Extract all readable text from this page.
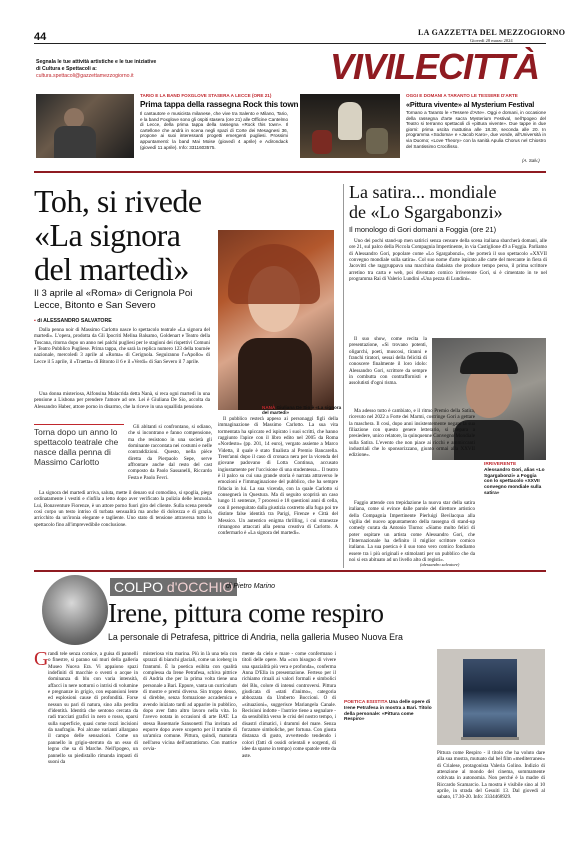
44	LA GAZZETTA DEL MEZZOGIORNO
Giovedì 28 marzo 2024
Segnala le tue attività artistiche e le tue iniziative
di Cultura e Spettacoli a:
cultura.spettacoli@gazzettamezzogiorno.it	VIVILECITTÀ
TARIO E LA BAND FOXGLOVE STASERA A LECCE (ORE 21)
Prima tappa della rassegna Rock this town
Il cantautore e musicista milanese, che vive tra Salento e Milano, Tario, e la band Foxglove sono gli ospiti stasera (ore 21) alle Officine Cantelmo di Lecce, della prima tappa della rassegna «Rock this town». Il cartellone che andrà in scena negli spazi di Corte dei Mesagnesi 36, propone ai suoi interessanti progetti emergenti pugliesi. Prossimi appuntamenti: la band Mai Moise (giovedì 4 aprile) e Adirondack (giovedì 11 aprile). Info: 3311603575.
OGGI E DOMANI A TARANTO LE TESSERE D'ARTE
«Pittura vivente» al Mysterium Festival
Tornano a Taranto le «Tessere d'Arte». Oggi e domani, in occasione della rassegna d'arte sacra Mysterium Festival, nell'Ipogeo del Teatro si terranno spettacoli di «pittura vivente». Due tappe in due giorni: prima uscita mattutina alle 18.30, seconda alle 20. In programma «Sodoma» e «Jacob Karo», due vonde, all'Università in via Duomo; «Love Theory» con la sanità Apulia Chorus nel Chiostro del Santissimo Crocifisso.
(A. Salv.)
Toh, si rivede
«La signora
del martedì»
Il 3 aprile al «Roma» di Cerignola Poi Lecce, Bitonto e San Severo
▪ di ALESSANDRO SALVATORE
NANÀ Giuliana De Sio è «La signora del martedì»

Dalla penna noir di Massimo Carlotto nasce lo spettacolo teatrale «La signora del martedì». L'opera, prodotta da Gli Ipocriti Melina Balsamo, Goldenart e Teatro della Toscana, ritorna dopo un anno nei palchi pugliesi per le stagioni dei rispettivi Comuni e Teatro Pubblico Pugliese. Prima tappa, che sarà la replica numero 123 della tournée nazionale, mercoledì 3 aprile al «Roma» di Cerignola. Seguiranno l'«Apollo» di Lecce il 5 aprile, il «Traetta» di Bitonto il 6 e il «Verdi» di San Severo il 7 aprile.

Una donna misteriosa, Alfonsina Malacrida detta Nanà, si reca ogni martedì in una pensione a Lisbona per prendere l'amore ad ore. Lei è Giuliana De Sio, accolta da Alessandro Haber, attore porno in disarmo, che la riceve in una squallida pensione.

Torna dopo un anno lo spettacolo teatrale che nasce dalla penna di Massimo Carlotto

Gli abitanti si confrontano, si odiano, che si incontrano e fanno compensione, ma che resistono in una società gli dominante raccontata nei costumi e nelle contraddizioni. Questo, nella pièce diretta da Pierpaolo Sepe, serve affrontare anche dal resto del cast composto da Paolo Sassanelli, Riccardo Festa e Paolo Fevri.

La signora del martedì arriva, saluta, mette il denaro sul comodino, si spoglia, piega ordinatamente i vestiti e s'infila a letto dopo aver verificato la pulizia delle lenzuola. Lui, Bonaventure Fiorenze, è un attore porno fuori giro del cliente. Sulla scena prende così corpo un testo intriso di turbata sensualità ma anche di dolcezza e di grazia, arricchito da un'ironia elegante e tagliente. Uno stato di tensione attraversa tutto lo spettacolo fino all'imprevedibile conclusione.

Il pubblico resterà appeso ai personaggi figli della immaginazione di Massimo Carlotto. La sua vita tormentata ha spiccato ed ispirato i suoi scritti, che hanno raggiunto l'apice con il libro edito nel 2005 da Roma «Nordesto» (pp. 201, 14 euro), vergato assieme a Marco Videtta, il quale è stato finalista al Premio Bancarella. Trent'anni dopo il caso di cronaca nera per la vicenda del giovane padovano di Lotta Continua, accusato ingiustamente per l'uccisione di una studentessa... Il teatro è il palco su cui una grande storia è narrata attraverso le emozioni e l'immaginazione del pubblico, che ha sempre fiducia in lui. La sua vicenda, con la quale Carlotto si consegnerà in Questura. Ma di seguito scoprirà un caso lungo 11 sentenze, 7 processi e 18 questioni anni di cella, con il perseguitato dalla giustizia costretto alla fuga poi tre distinte false identità tra Parigi, Firenze e Città del Messico. Un autentico enigma thrilling, i cui stranezze rimangono attaccati alla penna creativa di Carlotto. A confermarlo è «La signora del martedì».

La satira... mondiale
de «Lo Sgargabonzi»
Il monologo di Gori domani a Foggia (ore 21)

Uno dei pochi stand-up men satirici senza censure della scena italiana sbarcherà domani, alle ore 21, sul palco della Piccola Compagnia Impertinente, in via Castiglione 49 a Foggia. Parliamo di Alessandro Gori, popolare come «Lo Sgargabonzi», che porterà il suo spettacolo «XXVII convegno mondiale sulla satira». Col suo nome d'arte ispirato alle carte del mercante in fiera di Jacovitti che raggruppava una macchina dadaista che produce tempo perso, il prima scrittore arretino tra carta e web, poi diventato comico irriverente Gori, si è cimentato in te nel programma Rai di Valerio Lundini «Una pezza di Lundini».

Il suo show, come recita la presentazione, «Si trovano potenti, oligarchi, poeti, muscosi, tiranni e franchi tiratori, sessai della felicità di conoscere finalmente il loro idolo: Alessandro Gori, scrittore da sempre in combutta con contraffornisti e assolutisti d'ogni risma.

Ma adesso tutto è cambiato, e il ritmo Premio della Satira, ricevuto nel 2022 a Forte dei Marmi, costringe Gori a gettare la maschera. Il così, dopo anni insistentemente negato la sua filiazione con questo genere letterario, si prepara a presiedere, unico relatore, la quinquenne Convegno Mondiale sulla Satira. L'evento che non piace ai ricchi e ammiccanti industriali che lo sponsorizzano, giunto ormai alla XXVII edizione».

IRRIVERENTE
Alessandro Gori, alias «Lo Sgargabonzi» a Foggia con lo spettacolo «XXVII convegno mondiale sulla satira»

Faggio attende con trepidazione la nuova star della satira italiana, come si evince dalle parole del direttore artistico della Compagnia Impertinente Pierluigi Bevilacqua alla vigilia del nuovo appuntamento della rassegna di stand-up comedy curata da Antonio Tiurno: «Siamo molto felici di poter ospitare un artista come Alessandro Gori, che l'Internazionale ha definito il miglior scrittore comico italiano. La sua poetica è il suo tono vero comico fondiamo essere tra i più originali e stimolanti per un pubblico che da noi si era abituato ad un livello alto di registi».

(alessandro salvatore)
COLPO d'OCCHIO
di Pietro Marino
Irene, pittura come respiro
La personale di Petrafesa, pittrice di Andria, nella galleria Museo Nuova Era
G randi tele senza cornice, a guisa di pannelli o finestre, si parano sui muri della galleria Museo Nuova Era. Vi appaiono spazi indefiniti di macchie o sventi o acque in dominanza di blu con varia intensità, affacci in nere notturni o intrisi di volumine e pregnanze in grigio, con espansioni lente ed esplosioni cause di profondità. Forse nessun su pari di natura, sino alla perdita d'identità. Identità che sentono cercata da radi tracciati grafici in nero o rosso, sparsi sulla superficie, quasi come rozzi incisioni da naufragio. Poi alcune varianti allargano il campo delle sensazioni. Come un pannello in grigio-sterrato da un esso di legno che sa di Marche. Nell'ipogeo, un pannello su piedistallo rimanda impasti di suoni da

misteriosa vita marina. Più in là una tela con sprazzi di bianchi glaciali, come un iceberg in frantumi. È la poetica esibita con qualità complessa da Irene Petrafesa, schiva pittrice di Andria che per la prima volta tiene una personale a Bari. Eppure, vanta un curriculum di mostre e premi diverso. Sin troppo denso, si direbbe, senza formazione accademica e avendo iniziato tardi ad apparire in pubblico, dopo aver fatto altro lavoro nella vita. Io l'avevo notata in occasioni di arte BAT. La stessa Rosemarie Sansonetti l'ha invitata ad esporre dopo avere scoperto per il tramite di un'amica comune. Pittura, quindi, maturata nell'area vicina dell'astrattismo. Con matrice ovvia-

mente da cielo e mare - come confermano i titoli delle opere. Ma «con bisogno di vivere una spazialità più vera e profonda», conferma Anna D'Ella in presentazione. Ferteso per il richiamo rituali ai valori formali e simbolici del Blu, colore di intensi controversi. Pittura giudicata di «stati d'animo», categoria abbozzata da Umberto Boccioni. O di «situazioni», suggerisce Mariangela Canale. Recisioni indotte - l'autrice tiene a segnalare - da sensibilità verso le crisi del nostro tempo, i disastri climatici, i drammi del mare. Senza forzature simboliche, per fortuna. Con giusta distanza di gusto, avvertendo tendendo i colori (fatti di ossidi orientali e sorgenti, di idee da sparse in tempo) come spatole rette da aste.

POETICA ESISTITA Una delle opere di Irene Petrafesa in mostra a Bari. Titolo della personale: «Pittura come Respiro»

Pittura come Respiro - il titolo che ha voluto dare alla sua mostra, mutuato dal bel film «mediterraneo» di Crialese, protagonista Valeria Golino. Indizio di attenzione al mondo del cinema, sommamente coltivata in autonomia. Non perché è la madre di Riccardo Scamarcio. La mostra è visibile sino al 10 aprile, in strada del Gesuiti 13. Dal giovedì al sabato, 17.30-20. Info: 3334468929.
